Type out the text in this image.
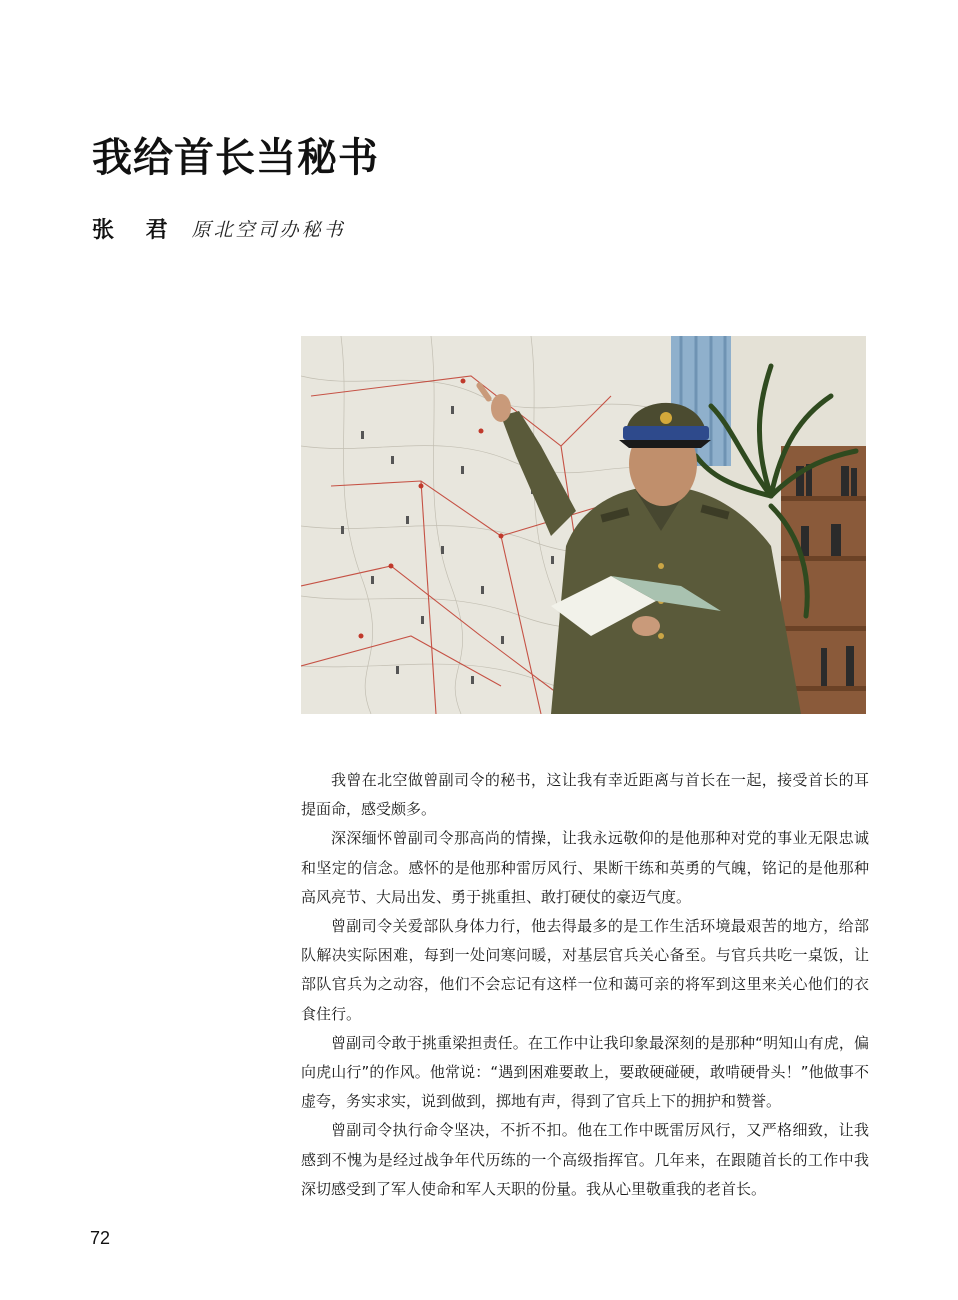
我给首长当秘书
张 君 原北空司办秘书

我曾在北空做曾副司令的秘书，这让我有幸近距离与首长在一起，接受首长的耳提面命，感受颇多。

深深缅怀曾副司令那高尚的情操，让我永远敬仰的是他那种对党的事业无限忠诚和坚定的信念。感怀的是他那种雷厉风行、果断干练和英勇的气魄，铭记的是他那种高风亮节、大局出发、勇于挑重担、敢打硬仗的豪迈气度。

曾副司令关爱部队身体力行，他去得最多的是工作生活环境最艰苦的地方，给部队解决实际困难，每到一处问寒问暖，对基层官兵关心备至。与官兵共吃一桌饭，让部队官兵为之动容，他们不会忘记有这样一位和蔼可亲的将军到这里来关心他们的衣食住行。

曾副司令敢于挑重梁担责任。在工作中让我印象最深刻的是那种“明知山有虎，偏向虎山行”的作风。他常说：“遇到困难要敢上，要敢硬碰硬，敢啃硬骨头！”他做事不虚夸，务实求实，说到做到，掷地有声，得到了官兵上下的拥护和赞誉。

曾副司令执行命令坚决，不折不扣。他在工作中既雷厉风行，又严格细致，让我感到不愧为是经过战争年代历练的一个高级指挥官。几年来，在跟随首长的工作中我深切感受到了军人使命和军人天职的份量。我从心里敬重我的老首长。

72
